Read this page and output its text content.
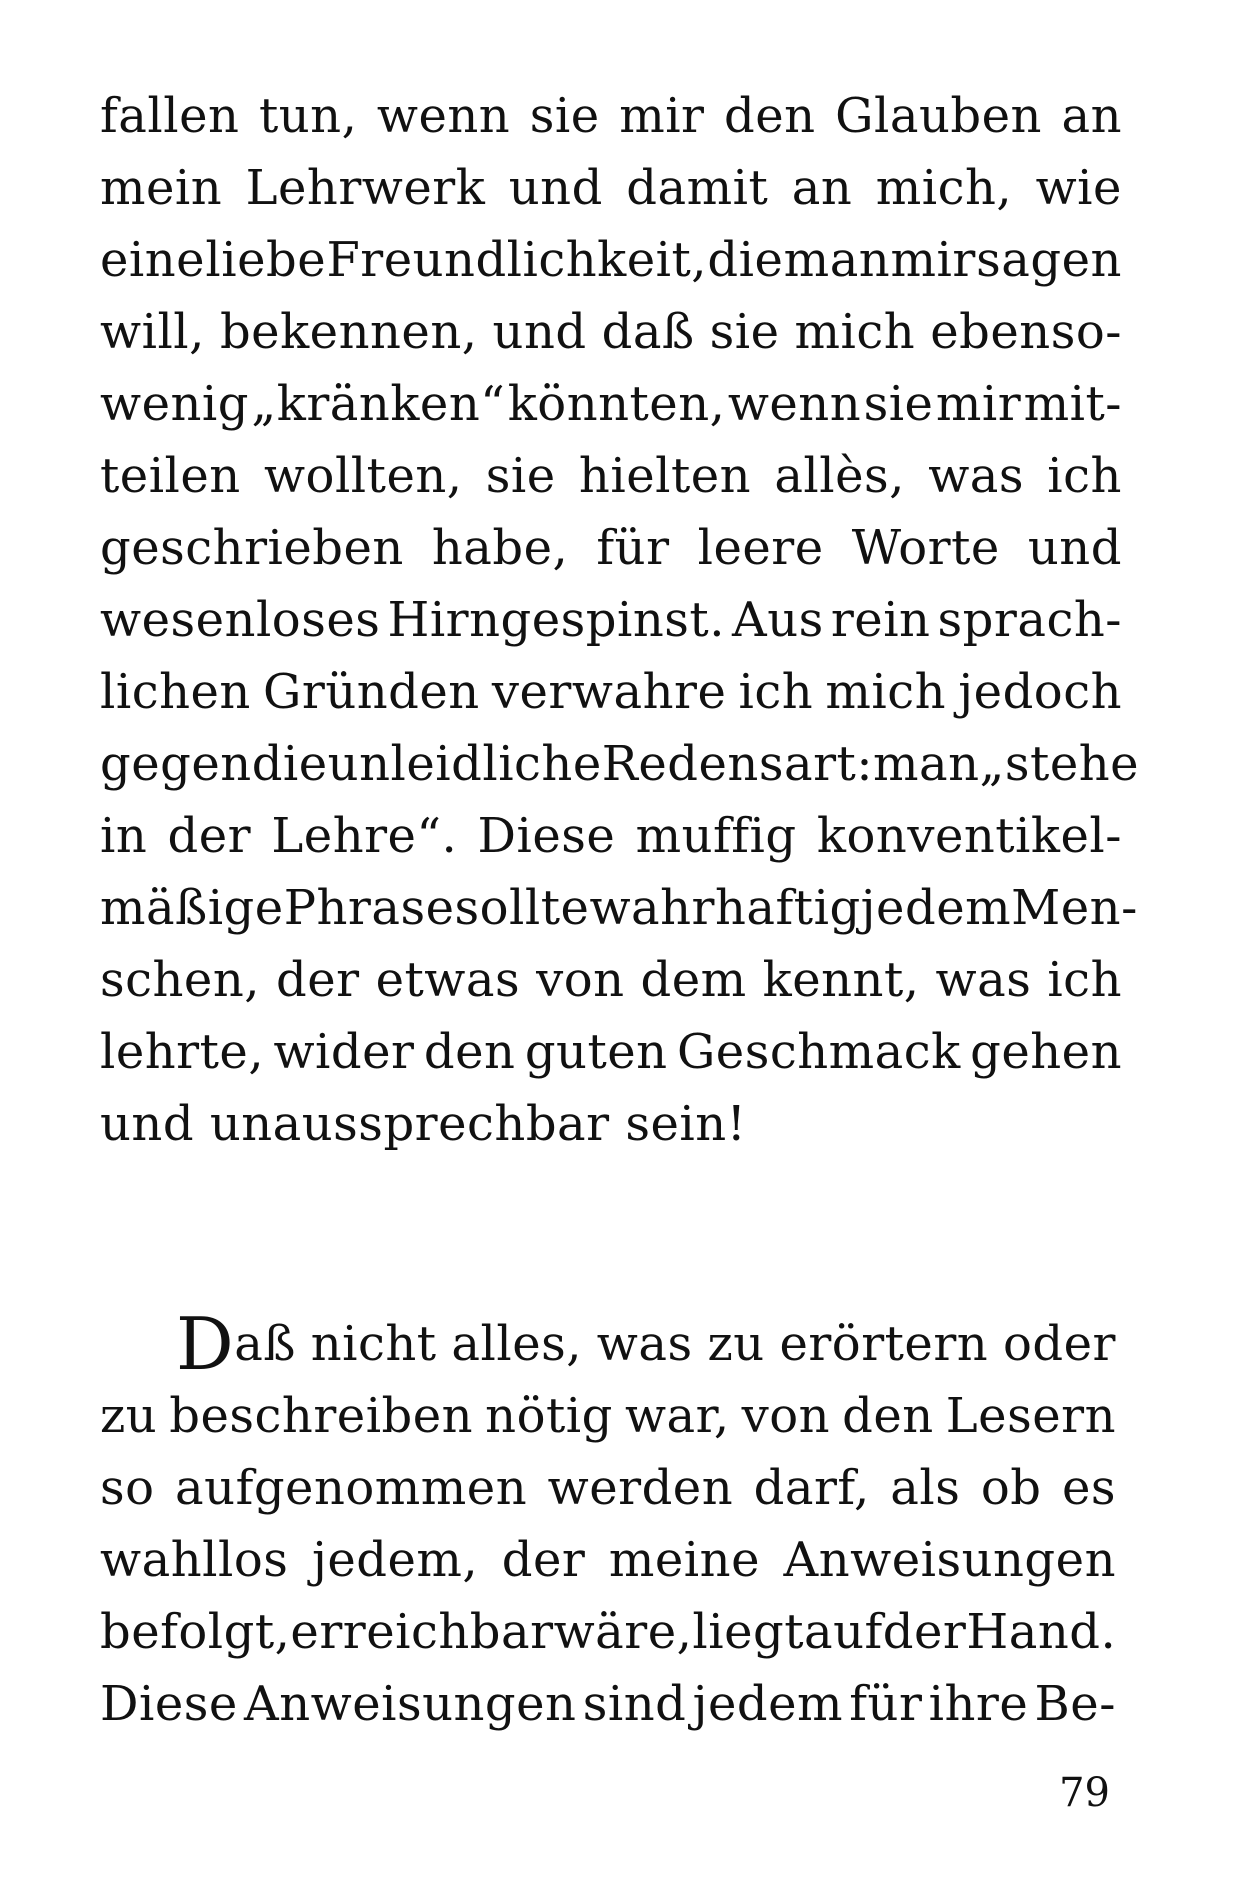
fallen tun, wenn sie mir den Glauben an
mein Lehrwerk und damit an mich, wie
eine liebe Freundlichkeit, die man mir sagen
will, bekennen, und daß sie mich ebenso-
wenig „kränken“ könnten, wenn sie mir mit-
teilen wollten, sie hielten allès, was ich
geschrieben habe, für leere Worte und
wesenloses Hirngespinst. Aus rein sprach-
lichen Gründen verwahre ich mich jedoch
gegen die unleidliche Redensart: man „stehe
in der Lehre“. Diese muffig konventikel-
mäßige Phrase sollte wahrhaftig jedem Men-
schen, der etwas von dem kennt, was ich
lehrte, wider den guten Geschmack gehen
und unaussprechbar sein!
D aß nicht alles, was zu erörtern oder
zu beschreiben nötig war, von den Lesern
so aufgenommen werden darf, als ob es
wahllos jedem, der meine Anweisungen
befolgt, erreichbar wäre, liegt auf der Hand.
Diese Anweisungen sind jedem für ihre Be-
79
